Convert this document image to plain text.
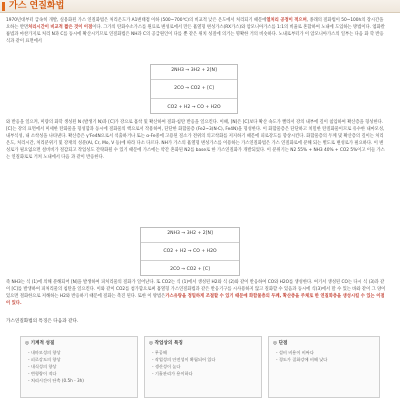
가스 연질화법
1970년대부터 급속히 개발, 실용화된 가스 연질화법은 처리온도가 A1변태점 이하 (500~700℃)의 비교적 낮은 온도에서 처리되기 때문에열처리 공정이 적으며, 종래의 질화법이 50~100h의 장시간을 요하는 반면처리시간이 비교적 짧은 것이 이점이다. 그가의 탄화수소가스를 원료로 변성로에서 만든 흡열형 변성가스(RX가스)와 암모니아가스를 1:1의 비율로 혼합하여 노내에 도입하는 방법이다. 염화칼륨법과 마찬가지로 처리 N과 C를 동시에 확산시키므로 연질화법은 NH과 C의 공급원인이 다를 뿐 같은 위치 성질에 의거는 명확한 거의 비슷하다. 노내로부터가 이 암모니아가스의 일부는 다음 화 학 반응 식과 같이 표면에서
2NH3 → 3H2 + 2[N]
2CO → CO2 + [C]
CO2 + H2 → CO + H2O
와 반응을 일으켜, 미량의 화학 생성된 N (발생기 N)과 [C]가 강으로 흡착 및 확산하여 질화·침탄 반응을 일으킨다. 이때, [N]은 [C]보다 확산 속도가 빨라서 강의 내부에 깊이 침입하여 확산층을 형성한다. [C]는 강의 표면에서 미세한 탄화물을 형성함과 동시에 질화물의 핵으로서 작용하여, 단단한 화합물층 (Fe2~3(N·C), Fe4N)을 형성한다. 이 화합물층은 단단하고 치밀한 탄질화물이므로 유수한 내마모성, 내부식성, 내 소착성을 나타낸다. 확산층은 γ'Fe4N으로서 석출하거나 또는 α-Fe중에 고용된 질소가 전위의 의고착화를 저지하기 때문에 피로강도를 향상시킨다. 화합물층의 두께 및 확산층의 깊이는 처리온도, 처리시간, 처리분위기 및 강재의 성분(Al, Cr, Mo, V 등)에 따라 다소 다르다. NH가 가스의 흡열형 변성가스를 이용하는 가스연질화법은 가스 연질화로에 분해 되는 별도로 변성로가 필요하다. 이 변성로가 필요없으면 설비비가 절감되고 작업성도 간략화될 수 있기 때문에 가스에는 약간 혼화된 N2를 base로 한 가스연질화가 개발되었다. 이 분위기는 N2 55% + NH3 40% + CO2 5%이고 이들 가스는 연질화로로 거쳐 노내에서 다음 과 같이 반응한다.
2NH3 → 3H2 + 2[N]
CO2 + H2 → CO + H2O
2CO → CO2 + [C]
즉 NH3는 식 (1)에 의해 분해되어 [N]을 발생하여 피처리물의 질화가 일어난다. 또 CO2는 식 (1)에서 생성된 H2와 식 (2)와 같이 반응하여 CO와 H2O를 생성한다. 여기서 생성된 CO는 다시 식 (3)과 같이 [C]를 발생하여 피처리물의 침탄을 일으킨다. 이와 같이 CO2를 첨가함으로써 흡열형 가스연질화법과 같은 반응기구를 시사용하지 않고 질화할 수 있음과 동시에 식(3)에서 말 수 있는 바와 같이 그 양이 있으면 철화한으로 저해하는 H2와 반응하기 때문에 질화는 촉진 된다. 또한 이 방법은가스유량을 정밀하게 조절할 수 있기 때문에 화합물층의 두께, 확산층을 주체로 한 연질화층을 생성시킬 수 있는 이점이 있다.
가스연질화법의 특징은 다음과 같다.
◎ 기계적 성질
- 내마모성의 향상
- 피로강도의 향상
- 내식성의 향상
- 변형량이 적다
- 처리시간이 단축 (0.5h - 3h)
◎ 작업상의 특징
- 무공해
- 작업성의 안전성이 확립되어 있다
- 생산성이 높다
- 기흘관리가 용이하다
◎ 단점
- 설비 비용이 비싸다
- 경도가 질화강에 비해 낮다
